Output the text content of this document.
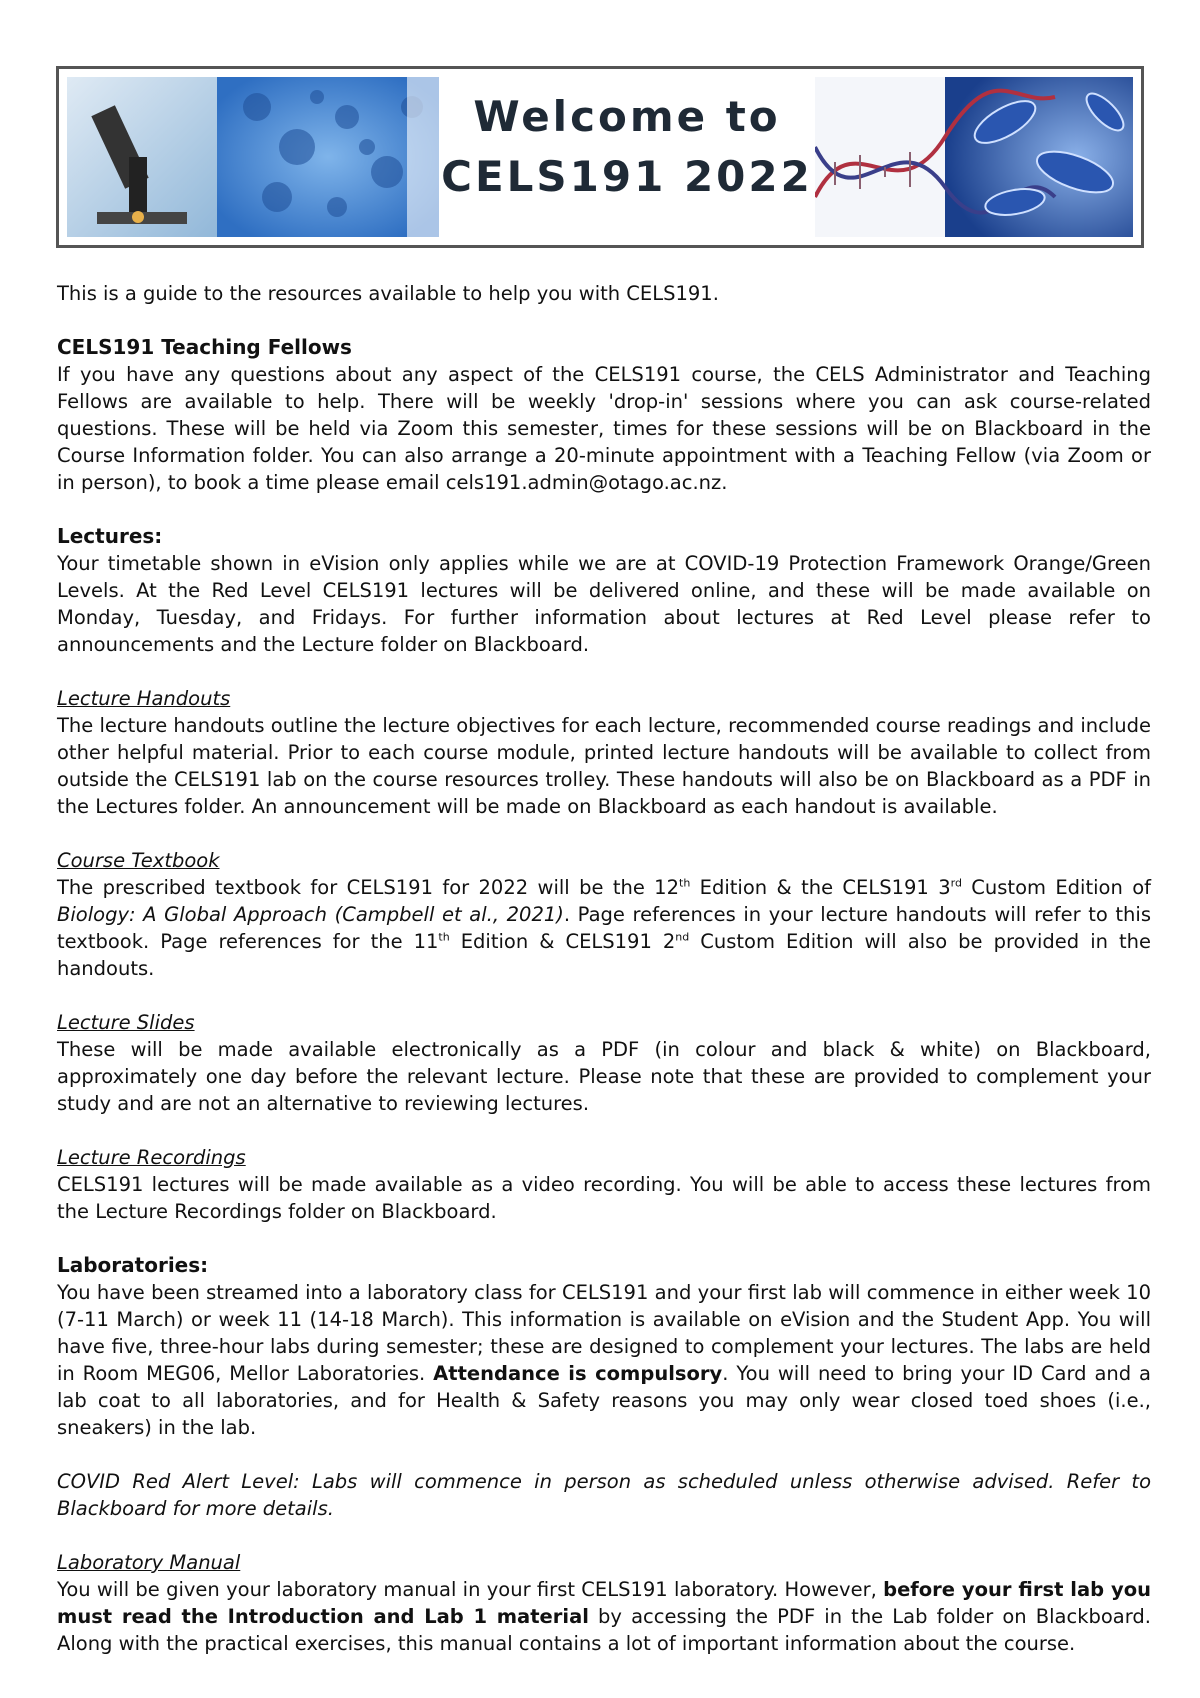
Welcome to
CELS191 2022

This is a guide to the resources available to help you with CELS191.

CELS191 Teaching Fellows

If you have any questions about any aspect of the CELS191 course, the CELS Administrator and Teaching Fellows are available to help. There will be weekly 'drop-in' sessions where you can ask course-related questions. These will be held via Zoom this semester, times for these sessions will be on Blackboard in the Course Information folder. You can also arrange a 20-minute appointment with a Teaching Fellow (via Zoom or in person), to book a time please email cels191.admin@otago.ac.nz.

Lectures:

Your timetable shown in eVision only applies while we are at COVID-19 Protection Framework Orange/Green Levels. At the Red Level CELS191 lectures will be delivered online, and these will be made available on Monday, Tuesday, and Fridays. For further information about lectures at Red Level please refer to announcements and the Lecture folder on Blackboard.

Lecture Handouts

The lecture handouts outline the lecture objectives for each lecture, recommended course readings and include other helpful material. Prior to each course module, printed lecture handouts will be available to collect from outside the CELS191 lab on the course resources trolley. These handouts will also be on Blackboard as a PDF in the Lectures folder. An announcement will be made on Blackboard as each handout is available.

Course Textbook

The prescribed textbook for CELS191 for 2022 will be the 12th Edition & the CELS191 3rd Custom Edition of Biology: A Global Approach (Campbell et al., 2021). Page references in your lecture handouts will refer to this textbook. Page references for the 11th Edition & CELS191 2nd Custom Edition will also be provided in the handouts.

Lecture Slides

These will be made available electronically as a PDF (in colour and black & white) on Blackboard, approximately one day before the relevant lecture. Please note that these are provided to complement your study and are not an alternative to reviewing lectures.

Lecture Recordings

CELS191 lectures will be made available as a video recording. You will be able to access these lectures from the Lecture Recordings folder on Blackboard.

Laboratories:

You have been streamed into a laboratory class for CELS191 and your first lab will commence in either week 10 (7-11 March) or week 11 (14-18 March). This information is available on eVision and the Student App. You will have five, three-hour labs during semester; these are designed to complement your lectures. The labs are held in Room MEG06, Mellor Laboratories. Attendance is compulsory. You will need to bring your ID Card and a lab coat to all laboratories, and for Health & Safety reasons you may only wear closed toed shoes (i.e., sneakers) in the lab.

COVID Red Alert Level: Labs will commence in person as scheduled unless otherwise advised. Refer to Blackboard for more details.

Laboratory Manual

You will be given your laboratory manual in your first CELS191 laboratory. However, before your first lab you must read the Introduction and Lab 1 material by accessing the PDF in the Lab folder on Blackboard. Along with the practical exercises, this manual contains a lot of important information about the course.
